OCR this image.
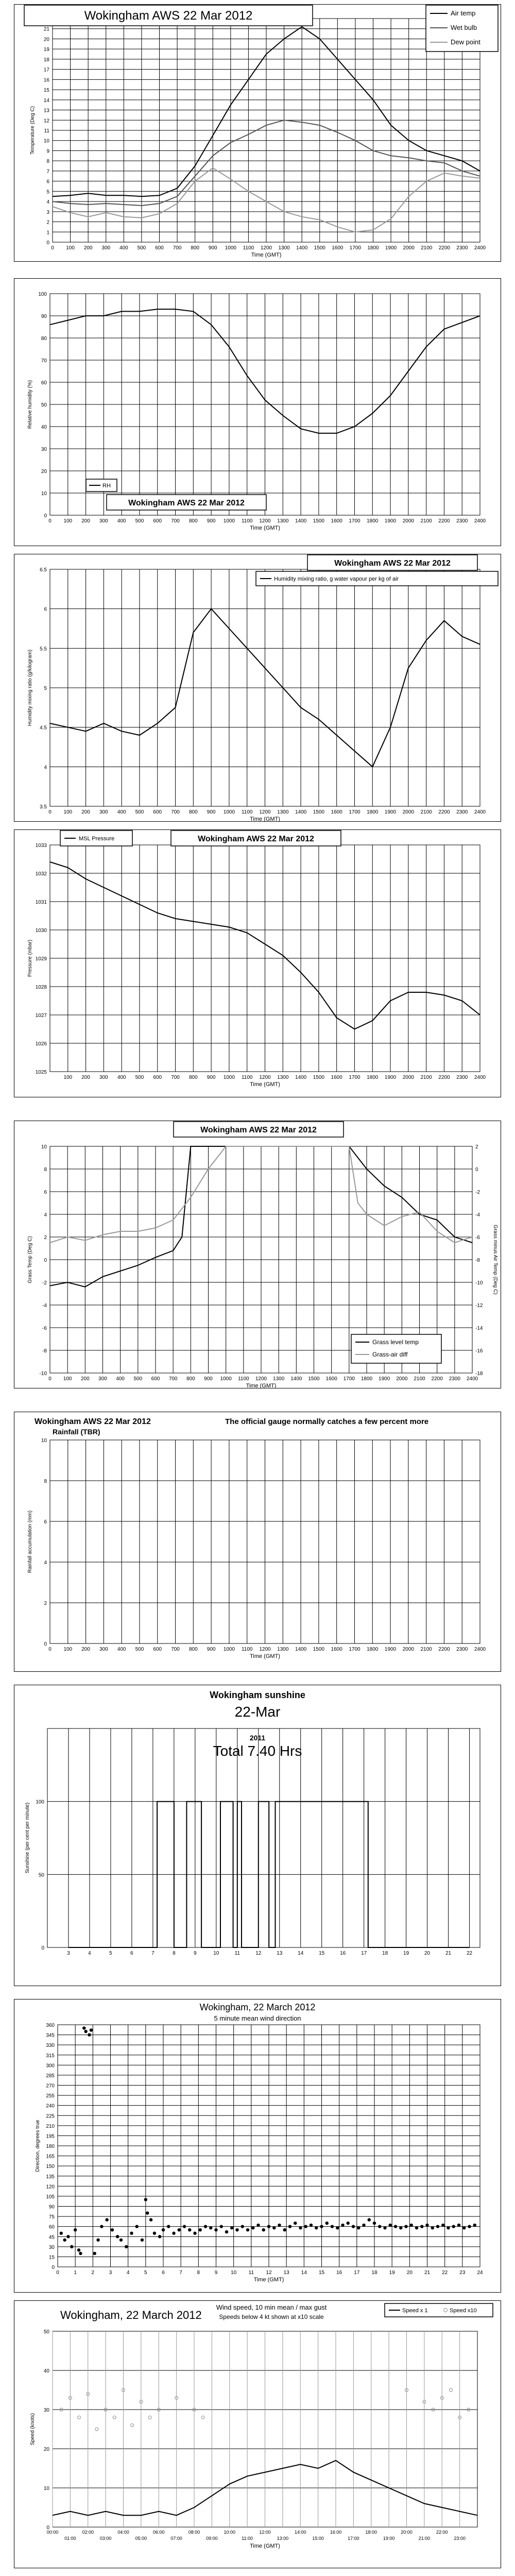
0
1
2
3
4
5
6
7
8
9
10
11
12
13
14
15
16
17
18
19
20
21
0 100 200 300 400 500 600 700 800 900 1000 1100 1200 1300 1400 1500 1600 1700 1800 1900 2000 2100 2200 2300 2400
Time (GMT)
Temperature (Deg C)
Wokingham AWS 22 Mar 2012	Air temp
Wet bulb
Dew point
0
10
20
30
40
50
60
70
80
90
100
0 100 200 300 400 500 600 700 800 900 1000 1100 1200 1300 1400 1500 1600 1700 1800 1900 2000 2100 2200 2300 2400
Time (GMT)
Relative humidity (%)
Wokingham AWS 22 Mar 2012
RH
3.5
4
4.5
5
5.5
6
6.5
0 100 200 300 400 500 600 700 800 900 1000 1100 1200 1300 1400 1500 1600 1700 1800 1900 2000 2100 2200 2300 2400
Time (GMT)
Humidity mixing ratio (g/kilogram)
Wokingham AWS 22 Mar 2012
Humidity mixing ratio, g water vapour per kg of air
1025
1026
1027
1028
1029
1030
1031
1032
1033
100 200 300 400 500 600 700 800 900 1000 1100 1200 1300 1400 1500 1600 1700 1800 1900 2000 2100 2200 2300 2400
Time (GMT)
Pressure (mbar)
Wokingham AWS 22 Mar 2012
MSL Pressure
-10
-8
-6
-4
-2
0
2
4
6
8
10
0 100 200 300 400 500 600 700 800 900 1000 1100 1200 1300 1400 1500 1600 1700 1800 1900 2000 2100 2200 2300 2400
-18
-16
-14
-12
-10
-8
-6
-4
-2
0
2
Grass minus Air Temp (Deg C)
Time (GMT)
Grass Temp (Deg C)
Wokingham AWS 22 Mar 2012
Grass level temp
Grass-air diff
0
2
4
6
8
10
0 100 200 300 400 500 600 700 800 900 1000 1100 1200 1300 1400 1500 1600 1700 1800 1900 2000 2100 2200 2300 2400
Time (GMT)
Rainfall accumulation (mm)
Wokingham AWS 22 Mar 2012
Rainfall (TBR)
The official gauge normally catches a few percent more
0
50
100
3	4	5	6	7	8	9	10	11	12	13	14	15	16	17	18	19	20	21	22
Sunshine (per cent per minute)
Wokingham sunshine
22-Mar
2011
Total 7.40 Hrs
0
15
30
45
60
75
90
105
120
135
150
165
180
195
210
225
240
255
270
285
300
315
330
345
360
0	1	2	3	4	5	6	7	8	9	10 11 12 13 14 15 16 17 18 19 20 21 22 23 24
Time (GMT)
Direction, degrees true
Wokingham, 22 March 2012
5 minute mean wind direction
0
10
20
30
40
50
00:00	02:00	04:00	06:00	08:00	10:00	12:00	14:00	16:00	18:00	20:00	22:00
01:00	03:00	05:00	07:00	09:00	11:00	13:00	15:00	17:00	19:00	21:00	23:00
Time (GMT)
Speed (knots)
Wokingham, 22 March 2012
Wind speed, 10 min mean / max gust
Speeds below 4 kt shown at x10 scale
Speed x 1	Speed x10
